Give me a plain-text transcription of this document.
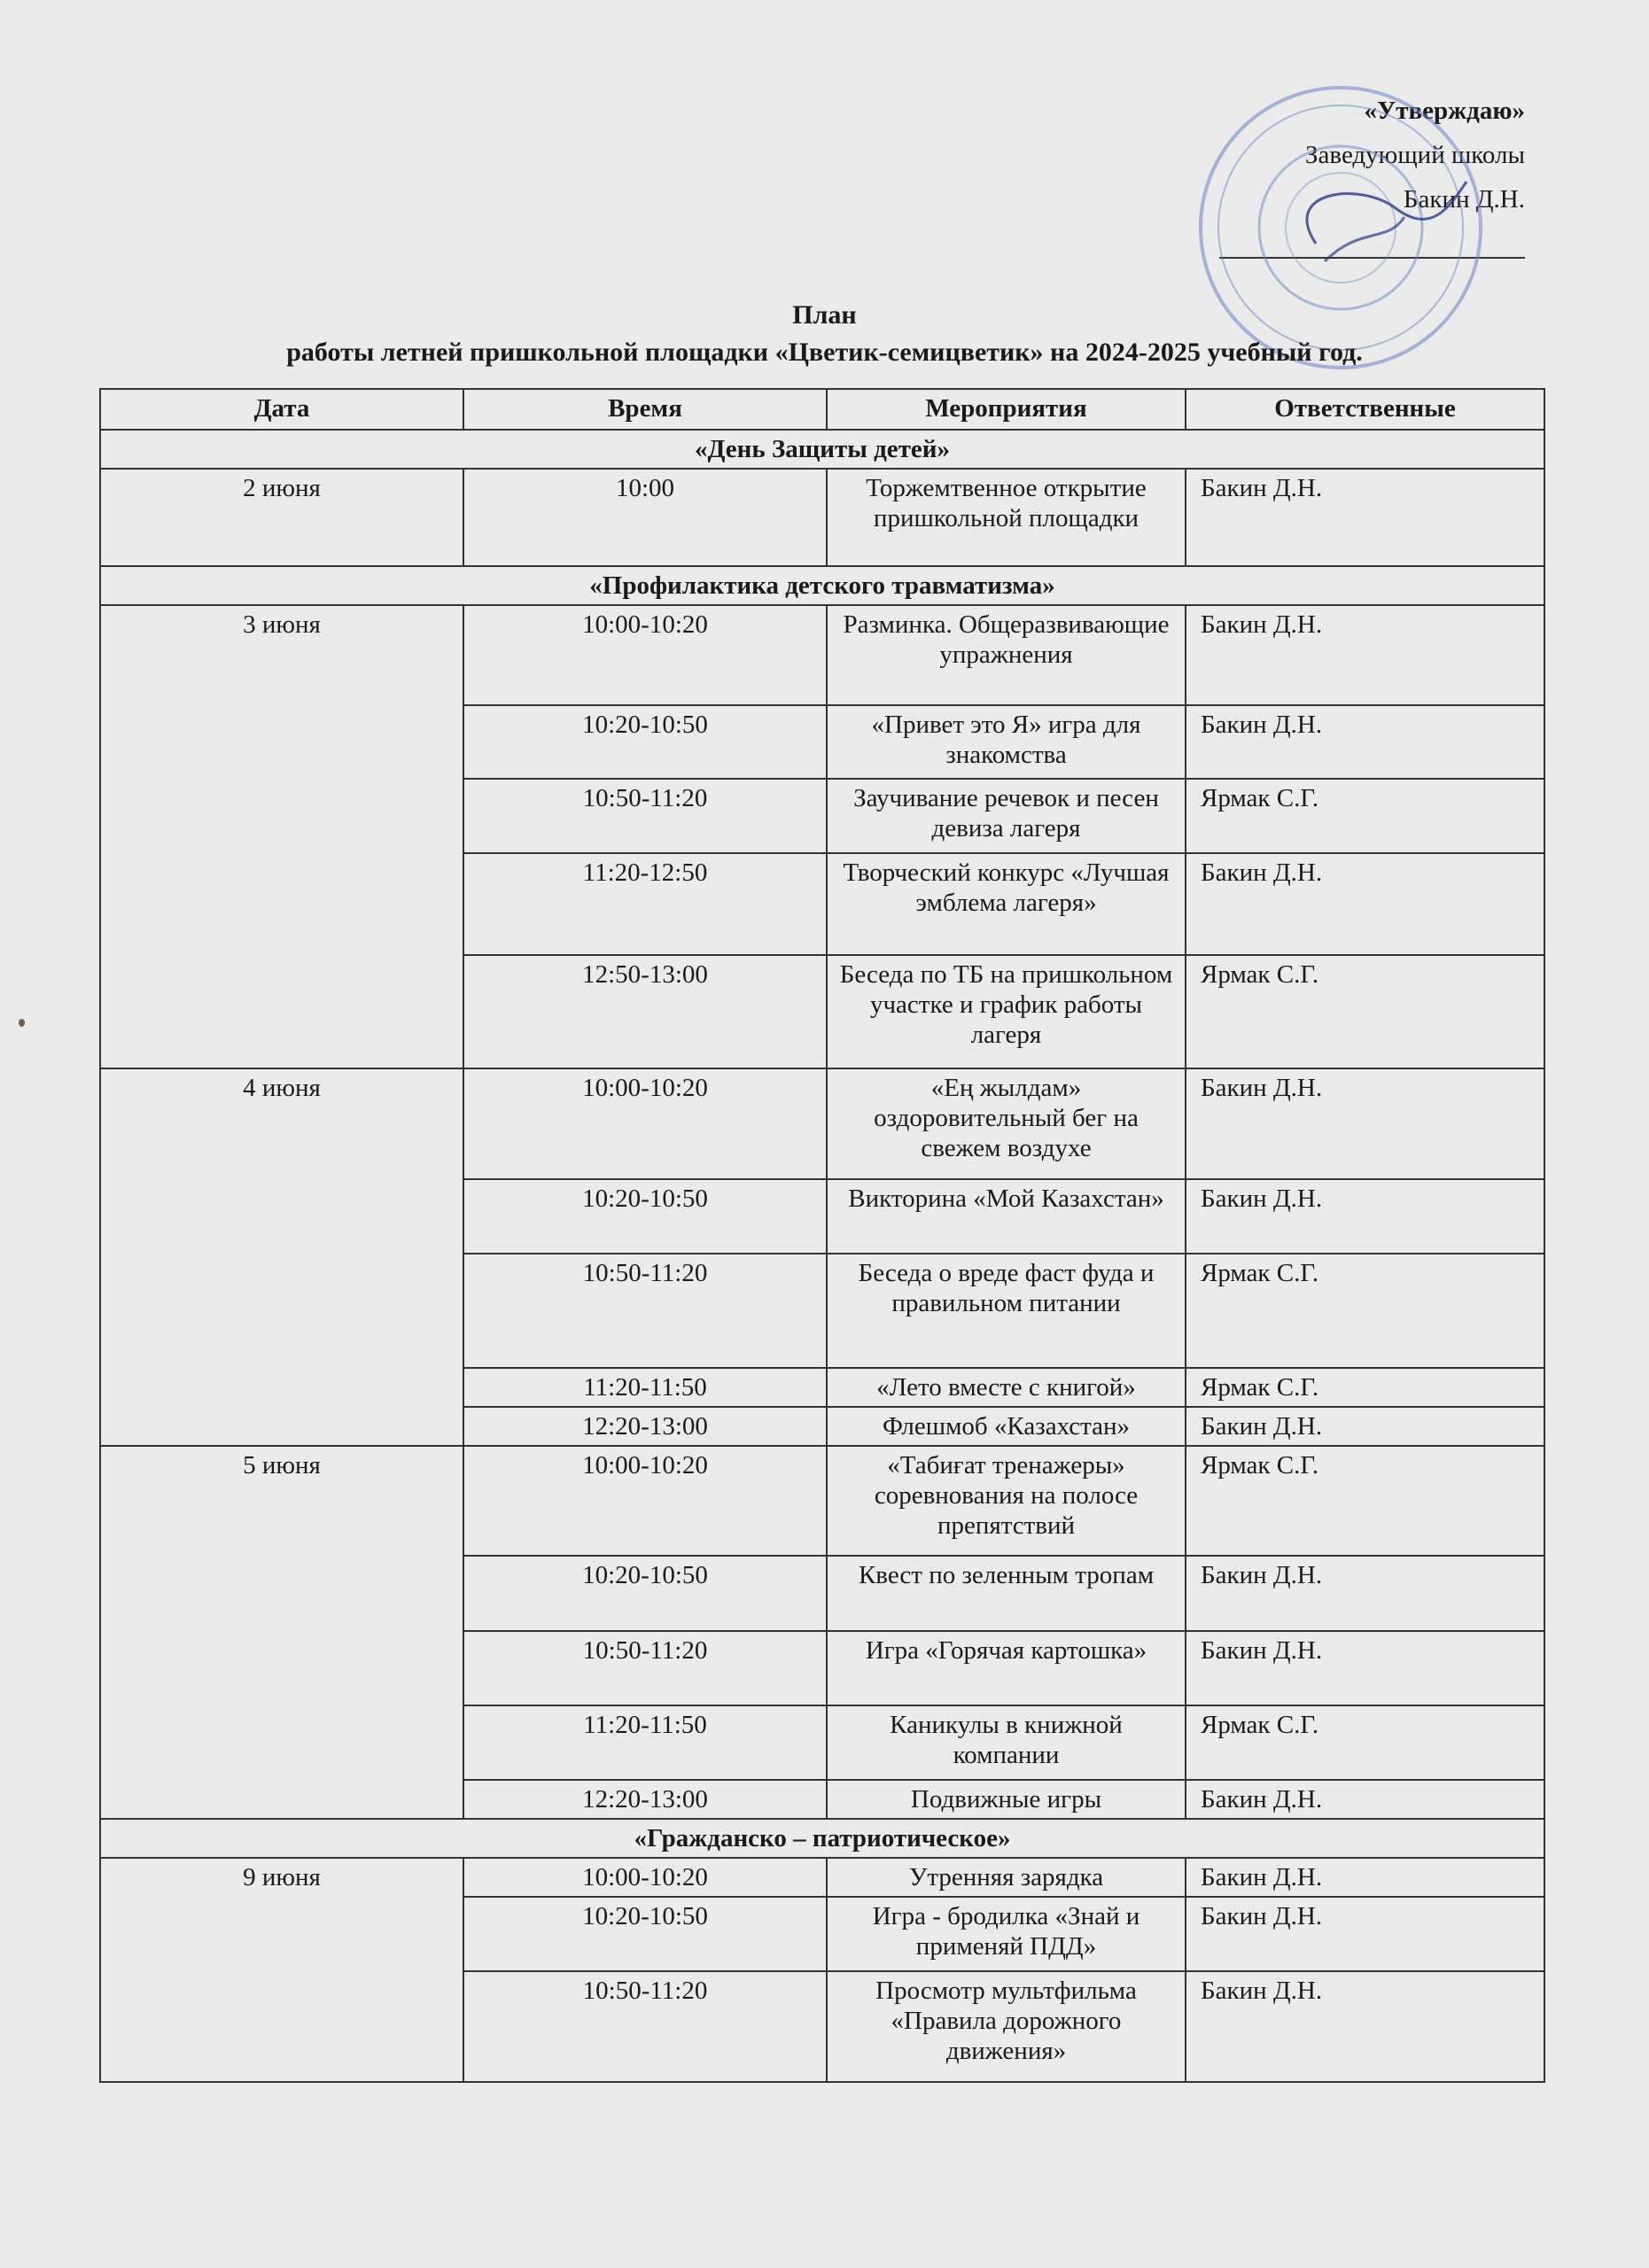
«Утверждаю»
Заведующий школы
Бакин Д.Н.
План
работы летней пришкольной площадки «Цветик-семицветик» на 2024-2025 учебный год.
Дата	Время	Мероприятия	Ответственные
«День Защиты детей»			
2 июня	10:00	Торжемтвенное открытие пришкольной площадки	Бакин Д.Н.
«Профилактика детского травматизма»			
3 июня	10:00-10:20	Разминка. Общеразвивающие упражнения	Бакин Д.Н.
	10:20-10:50	«Привет это Я» игра для знакомства	Бакин Д.Н.
	10:50-11:20	Заучивание речевок и песен девиза лагеря	Ярмак С.Г.
	11:20-12:50	Творческий конкурс «Лучшая эмблема лагеря»	Бакин Д.Н.
	12:50-13:00	Беседа по ТБ на пришкольном участке и график работы лагеря	Ярмак С.Г.
4 июня	10:00-10:20	«Ең жылдам» оздоровительный бег на свежем воздухе	Бакин Д.Н.
	10:20-10:50	Викторина «Мой Казахстан»	Бакин Д.Н.
	10:50-11:20	Беседа о вреде фаст фуда и правильном питании	Ярмак С.Г.
	11:20-11:50	«Лето вместе с книгой»	Ярмак С.Г.
	12:20-13:00	Флешмоб «Казахстан»	Бакин Д.Н.
5 июня	10:00-10:20	«Табиғат тренажеры» соревнования на полосе препятствий	Ярмак С.Г.
	10:20-10:50	Квест по зеленным тропам	Бакин Д.Н.
	10:50-11:20	Игра «Горячая картошка»	Бакин Д.Н.
	11:20-11:50	Каникулы в книжной компании	Ярмак С.Г.
	12:20-13:00	Подвижные игры	Бакин Д.Н.
«Гражданско – патриотическое»			
9 июня	10:00-10:20	Утренняя зарядка	Бакин Д.Н.
	10:20-10:50	Игра - бродилка «Знай и применяй ПДД»	Бакин Д.Н.
	10:50-11:20	Просмотр мультфильма «Правила дорожного движения»	Бакин Д.Н.
